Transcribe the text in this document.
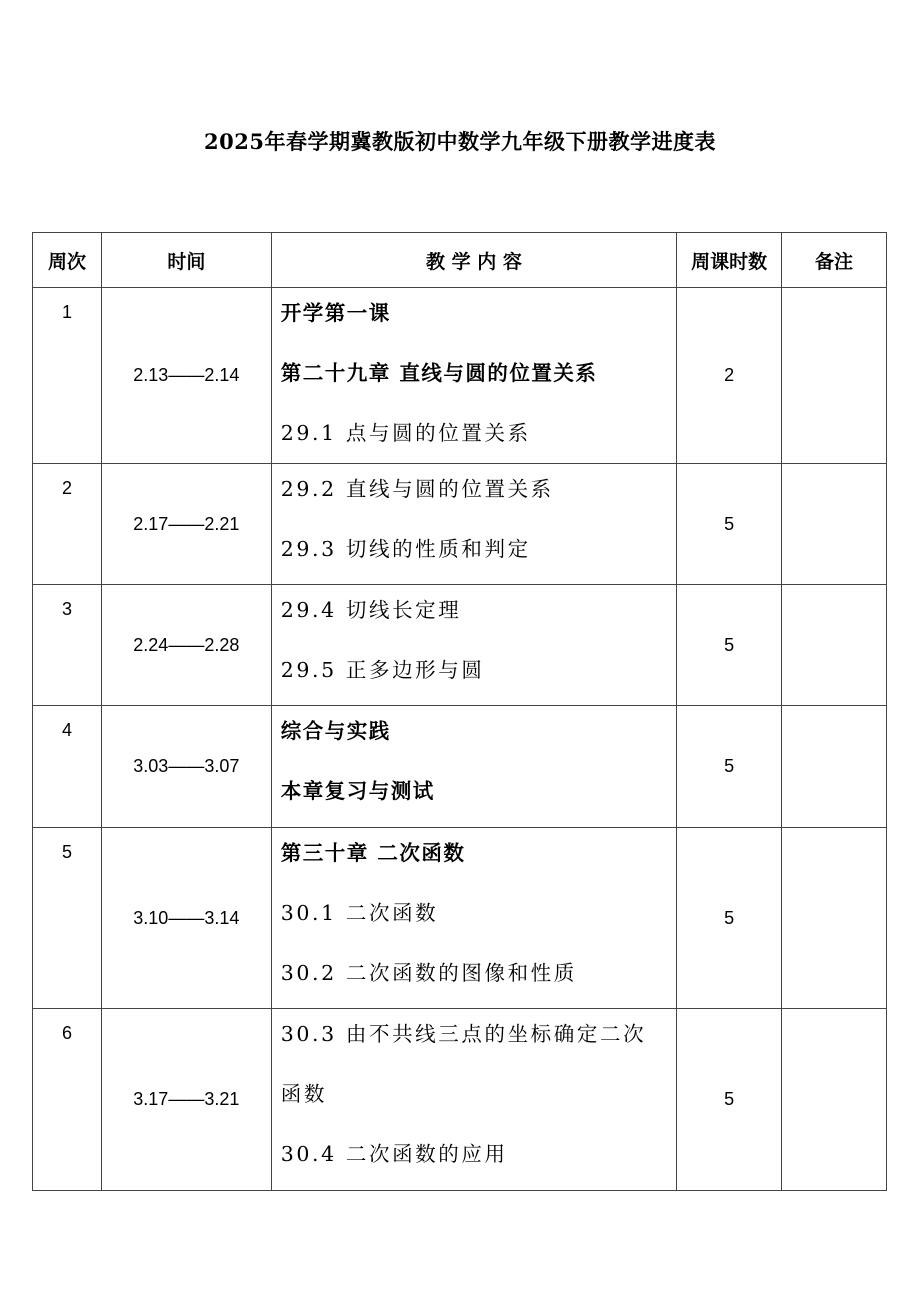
2025年春学期冀教版初中数学九年级下册教学进度表
周次	时间	教 学 内 容	周课时数	备注
1	2.13——2.14	开学第一课
第二十九章 直线与圆的位置关系
29.1 点与圆的位置关系	2	
2	2.17——2.21	29.2 直线与圆的位置关系
29.3 切线的性质和判定	5	
3	2.24——2.28	29.4 切线长定理
29.5 正多边形与圆	5	
4	3.03——3.07	综合与实践
本章复习与测试	5	
5	3.10——3.14	第三十章 二次函数
30.1 二次函数
30.2 二次函数的图像和性质	5	
6	3.17——3.21	30.3 由不共线三点的坐标确定二次函数
30.4 二次函数的应用	5	
